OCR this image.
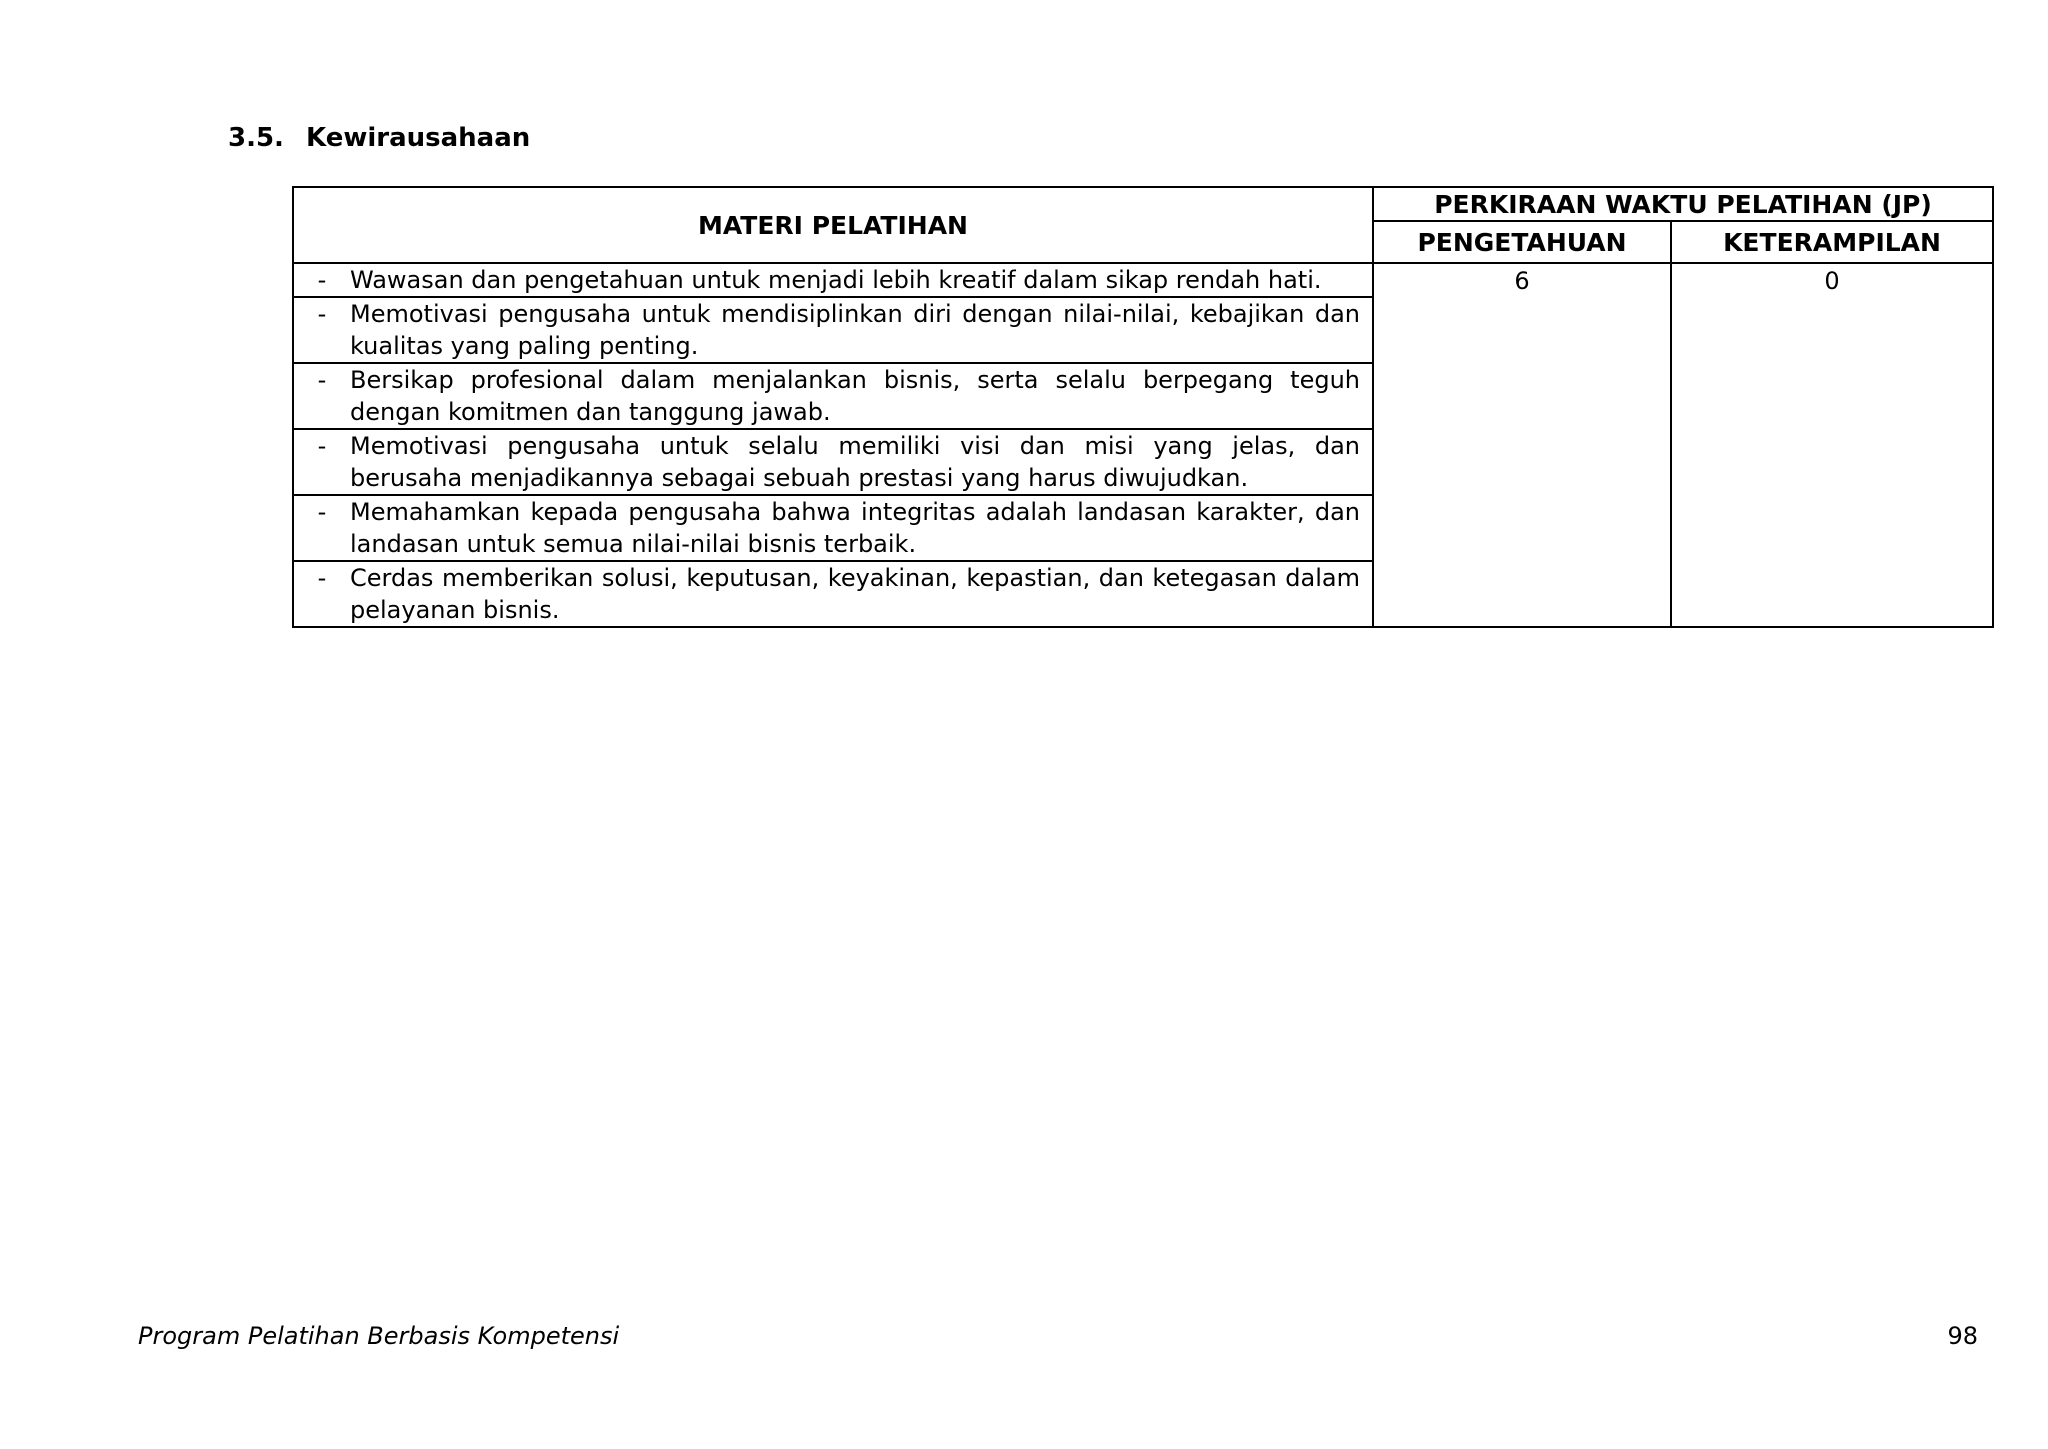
3.5. Kewirausahaan
MATERI PELATIHAN	PERKIRAAN WAKTU PELATIHAN (JP)	
	PENGETAHUAN	KETERAMPILAN

- Wawasan dan pengetahuan untuk menjadi lebih kreatif dalam sikap rendah hati.	6	0

- Memotivasi pengusaha untuk mendisiplinkan diri dengan nilai-nilai, kebajikan dan kualitas yang paling penting.		

- Bersikap profesional dalam menjalankan bisnis, serta selalu berpegang teguh dengan komitmen dan tanggung jawab.		

- Memotivasi pengusaha untuk selalu memiliki visi dan misi yang jelas, dan berusaha menjadikannya sebagai sebuah prestasi yang harus diwujudkan.		

- Memahamkan kepada pengusaha bahwa integritas adalah landasan karakter, dan landasan untuk semua nilai-nilai bisnis terbaik.		

- Cerdas memberikan solusi, keputusan, keyakinan, kepastian, dan ketegasan dalam pelayanan bisnis.		
Program Pelatihan Berbasis Kompetensi	98
